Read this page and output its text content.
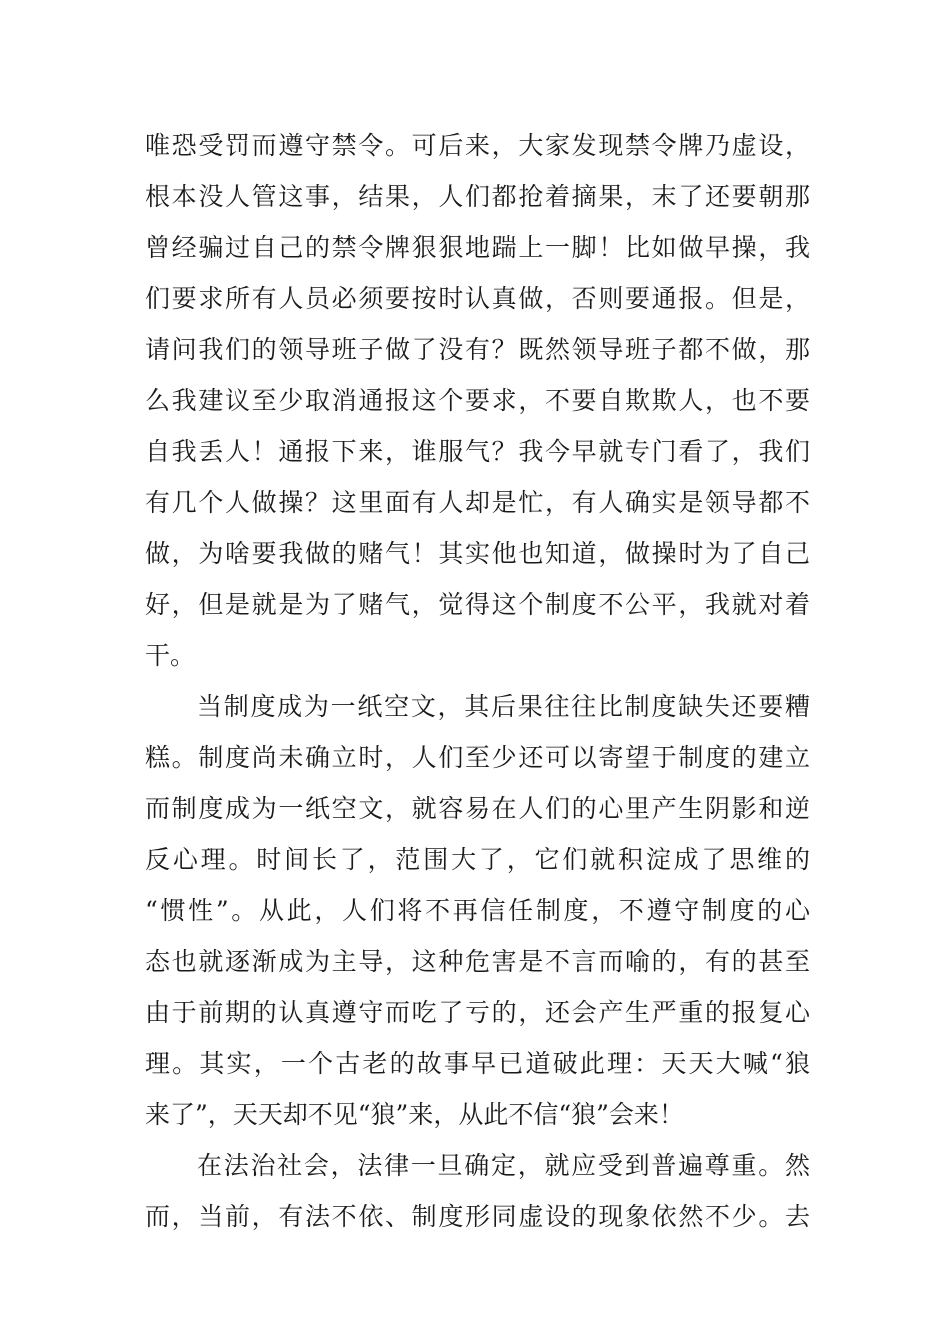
唯恐受罚而遵守禁令。可后来，大家发现禁令牌乃虚设，
根本没人管这事，结果，人们都抢着摘果，末了还要朝那
曾经骗过自己的禁令牌狠狠地踹上一脚！比如做早操，我
们要求所有人员必须要按时认真做，否则要通报。但是，
请问我们的领导班子做了没有？既然领导班子都不做，那
么我建议至少取消通报这个要求，不要自欺欺人，也不要
自我丢人！通报下来，谁服气？我今早就专门看了，我们
有几个人做操？这里面有人却是忙，有人确实是领导都不
做，为啥要我做的赌气！其实他也知道，做操时为了自己
好，但是就是为了赌气，觉得这个制度不公平，我就对着
干。
当制度成为一纸空文，其后果往往比制度缺失还要糟
糕。制度尚未确立时，人们至少还可以寄望于制度的建立
而制度成为一纸空文，就容易在人们的心里产生阴影和逆
反心理。时间长了，范围大了，它们就积淀成了思维的
“惯性”。从此，人们将不再信任制度，不遵守制度的心
态也就逐渐成为主导，这种危害是不言而喻的，有的甚至
由于前期的认真遵守而吃了亏的，还会产生严重的报复心
理。其实，一个古老的故事早已道破此理：天天大喊“狼
来了”，天天却不见“狼”来，从此不信“狼”会来！
在法治社会，法律一旦确定，就应受到普遍尊重。然
而，当前，有法不依、制度形同虚设的现象依然不少。去
